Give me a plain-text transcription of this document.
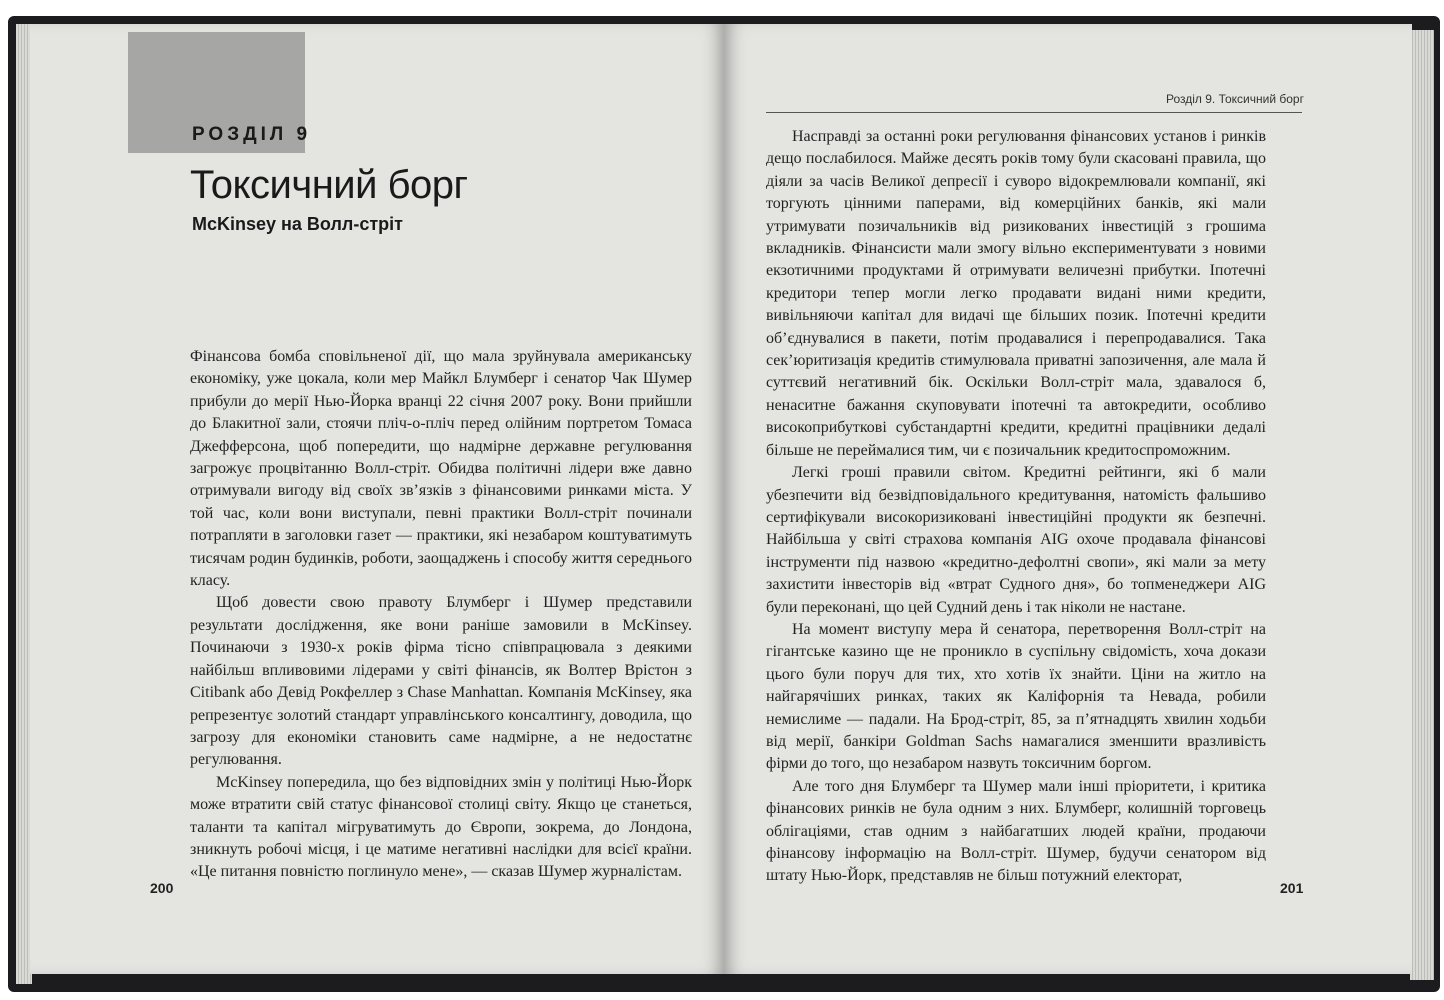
РОЗДІЛ 9
Токсичний борг
McKinsey на Волл-стріт

Фінансова бомба сповільненої дії, що мала зруйнувала американську економіку, уже цокала, коли мер Майкл Блумберг і сенатор Чак Шумер прибули до мерії Нью-Йорка вранці 22 січня 2007 року. Вони прийшли до Блакитної зали, стоячи пліч-о-пліч перед олійним портретом Томаса Джефферсона, щоб попередити, що надмірне державне регулювання загрожує процвітанню Волл-стріт. Обидва політичні лідери вже давно отримували вигоду від своїх зв’язків з фінансовими ринками міста. У той час, коли вони виступали, певні практики Волл-стріт починали потрапляти в заголовки газет — практики, які незабаром коштуватимуть тисячам родин будинків, роботи, заощаджень і способу життя середнього класу.

Щоб довести свою правоту Блумберг і Шумер представили результати дослідження, яке вони раніше замовили в McKinsey. Починаючи з 1930-х років фірма тісно співпрацювала з деякими найбільш впливовими лідерами у світі фінансів, як Волтер Врістон з Citibank або Девід Рокфеллер з Chase Manhattan. Компанія McKinsey, яка репрезентує золотий стандарт управлінського консалтингу, доводила, що загрозу для економіки становить саме надмірне, а не недостатнє регулювання.

McKinsey попередила, що без відповідних змін у політиці Нью-Йорк може втратити свій статус фінансової столиці світу. Якщо це станеться, таланти та капітал мігруватимуть до Європи, зокрема, до Лондона, зникнуть робочі місця, і це матиме негативні наслідки для всієї країни. «Це питання повністю поглинуло мене», — сказав Шумер журналістам.

200
Розділ 9. Токсичний борг

Насправді за останні роки регулювання фінансових установ і ринків дещо послабилося. Майже десять років тому були скасовані правила, що діяли за часів Великої депресії і суворо відокремлювали компанії, які торгують цінними паперами, від комерційних банків, які мали утримувати позичальників від ризикованих інвестицій з грошима вкладників. Фінансисти мали змогу вільно експериментувати з новими екзотичними продуктами й отримувати величезні прибутки. Іпотечні кредитори тепер могли легко продавати видані ними кредити, вивільняючи капітал для видачі ще більших позик. Іпотечні кредити об’єднувалися в пакети, потім продавалися і перепродавалися. Така сек’юритизація кредитів стимулювала приватні запозичення, але мала й суттєвий негативний бік. Оскільки Волл-стріт мала, здавалося б, ненаситне бажання скуповувати іпотечні та автокредити, особливо високоприбуткові субстандартні кредити, кредитні працівники дедалі більше не переймалися тим, чи є позичальник кредитоспроможним.

Легкі гроші правили світом. Кредитні рейтинги, які б мали убезпечити від безвідповідального кредитування, натомість фальшиво сертифікували високоризиковані інвестиційні продукти як безпечні. Найбільша у світі страхова компанія AIG охоче продавала фінансові інструменти під назвою «кредитно-дефолтні свопи», які мали за мету захистити інвесторів від «втрат Судного дня», бо топменеджери AIG були переконані, що цей Судний день і так ніколи не настане.

На момент виступу мера й сенатора, перетворення Волл-стріт на гігантське казино ще не проникло в суспільну свідомість, хоча докази цього були поруч для тих, хто хотів їх знайти. Ціни на житло на найгарячіших ринках, таких як Каліфорнія та Невада, робили немислиме — падали. На Брод-стріт, 85, за п’ятнадцять хвилин ходьби від мерії, банкіри Goldman Sachs намагалися зменшити вразливість фірми до того, що незабаром назвуть токсичним боргом.

Але того дня Блумберг та Шумер мали інші пріоритети, і критика фінансових ринків не була одним з них. Блумберг, колишній торговець облігаціями, став одним з найбагатших людей країни, продаючи фінансову інформацію на Волл-стріт. Шумер, будучи сенатором від штату Нью-Йорк, представляв не більш потужний електорат,

201
